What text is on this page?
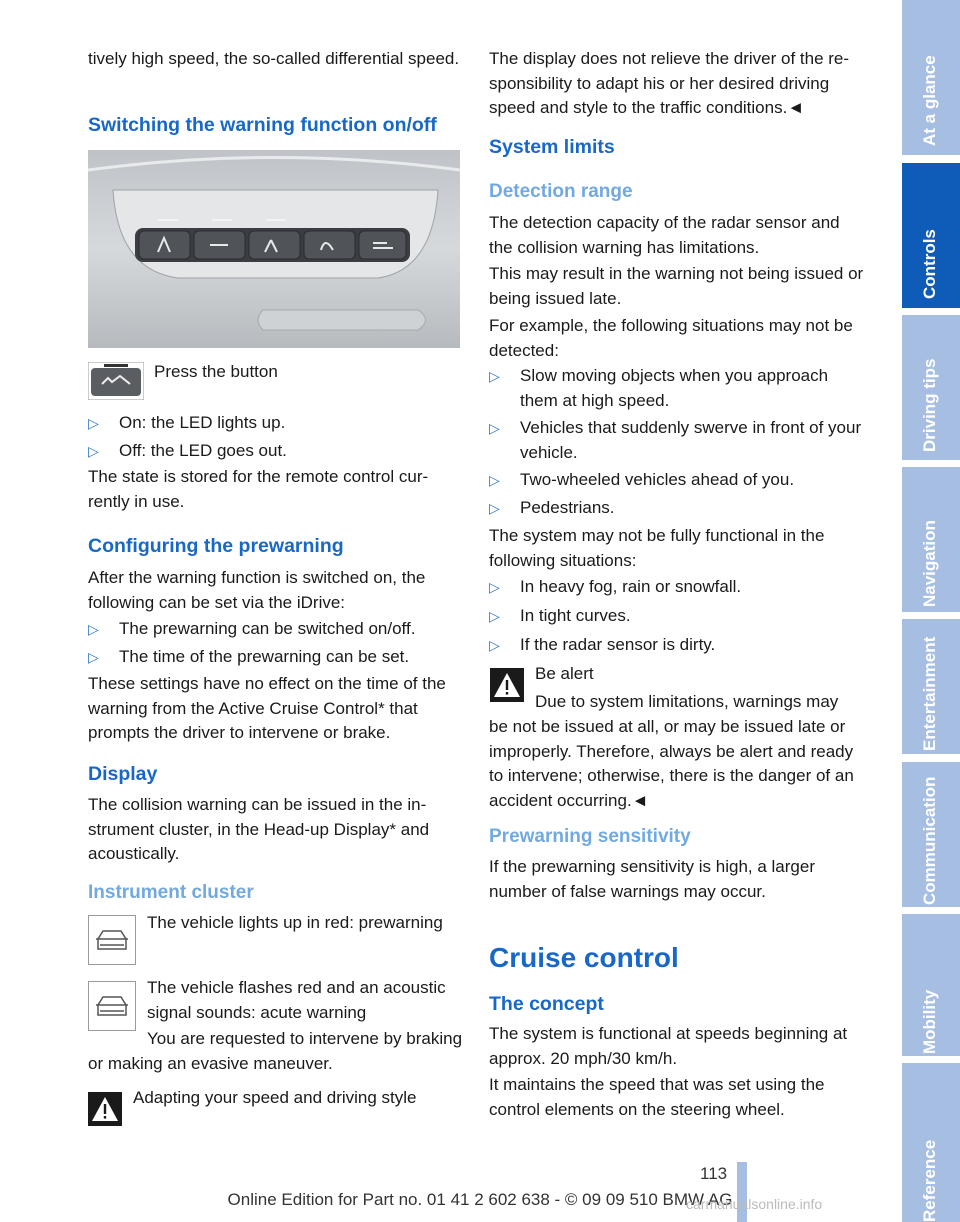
tively high speed, the so-called differential speed.

Switching the warning function on/off

Press the button

▷ On: the LED lights up.
▷ Off: the LED goes out.

The state is stored for the remote control currently in use.

Configuring the prewarning

After the warning function is switched on, the following can be set via the iDrive:

▷ The prewarning can be switched on/off.
▷ The time of the prewarning can be set.

These settings have no effect on the time of the warning from the Active Cruise Control* that prompts the driver to intervene or brake.

Display

The collision warning can be issued in the instrument cluster, in the Head-up Display* and acoustically.

Instrument cluster

The vehicle lights up in red: prewarning

The vehicle flashes red and an acoustic signal sounds: acute warning

You are requested to intervene by braking or making an evasive maneuver.

Adapting your speed and driving style

The display does not relieve the driver of the responsibility to adapt his or her desired driving speed and style to the traffic conditions.◄

System limits
Detection range

The detection capacity of the radar sensor and the collision warning has limitations.

This may result in the warning not being issued or being issued late.

For example, the following situations may not be detected:

▷ Slow moving objects when you approach them at high speed.
▷ Vehicles that suddenly swerve in front of your vehicle.
▷ Two-wheeled vehicles ahead of you.
▷ Pedestrians.

The system may not be fully functional in the following situations:

▷ In heavy fog, rain or snowfall.
▷ In tight curves.
▷ If the radar sensor is dirty.

Be alert

Due to system limitations, warnings may

be not be issued at all, or may be issued late or improperly. Therefore, always be alert and ready to intervene; otherwise, there is the danger of an accident occurring.◄

Prewarning sensitivity

If the prewarning sensitivity is high, a larger number of false warnings may occur.

Cruise control
The concept

The system is functional at speeds beginning at approx. 20 mph/30 km/h.

It maintains the speed that was set using the control elements on the steering wheel.

At a glance
Controls
Driving tips
Navigation
Entertainment
Communication
Mobility
Reference
113
Online Edition for Part no. 01 41 2 602 638 - © 09 09 510 BMW AG
carmanualsonline.info
